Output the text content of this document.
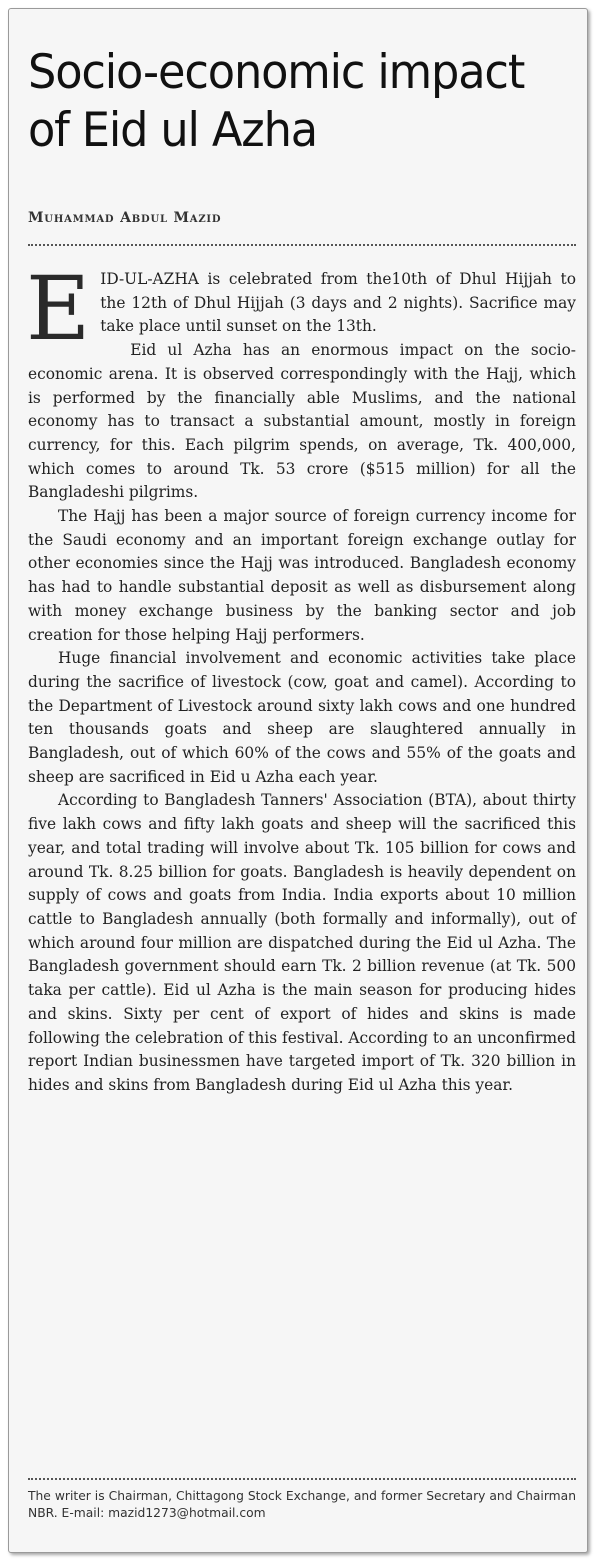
Socio-economic impact
of Eid ul Azha
Muhammad Abdul Mazid

EID-UL-AZHA is celebrated from the10th of Dhul Hijjah to the 12th of Dhul Hijjah (3 days and 2 nights). Sacrifice may take place until sunset on the 13th.

Eid ul Azha has an enormous impact on the socio-economic arena. It is observed correspondingly with the Hajj, which is performed by the financially able Muslims, and the national economy has to transact a substantial amount, mostly in foreign currency, for this. Each pilgrim spends, on average, Tk. 400,000, which comes to around Tk. 53 crore ($515 million) for all the Bangladeshi pilgrims.

The Hajj has been a major source of foreign currency income for the Saudi economy and an important foreign exchange outlay for other economies since the Hajj was introduced. Bangladesh economy has had to handle substantial deposit as well as disbursement along with money exchange business by the banking sector and job creation for those helping Hajj performers.

Huge financial involvement and economic activities take place during the sacrifice of livestock (cow, goat and camel). According to the Department of Livestock around sixty lakh cows and one hundred ten thousands goats and sheep are slaughtered annually in Bangladesh, out of which 60% of the cows and 55% of the goats and sheep are sacrificed in Eid u Azha each year.

According to Bangladesh Tanners' Association (BTA), about thirty five lakh cows and fifty lakh goats and sheep will the sacrificed this year, and total trading will involve about Tk. 105 billion for cows and around Tk. 8.25 billion for goats. Bangladesh is heavily dependent on supply of cows and goats from India. India exports about 10 million cattle to Bangladesh annually (both formally and informally), out of which around four million are dispatched during the Eid ul Azha. The Bangladesh government should earn Tk. 2 billion revenue (at Tk. 500 taka per cattle). Eid ul Azha is the main season for producing hides and skins. Sixty per cent of export of hides and skins is made following the celebration of this festival. According to an unconfirmed report Indian businessmen have targeted import of Tk. 320 billion in hides and skins from Bangladesh during Eid ul Azha this year.

The writer is Chairman, Chittagong Stock Exchange, and former Secretary and Chairman NBR. E-mail: mazid1273@hotmail.com
